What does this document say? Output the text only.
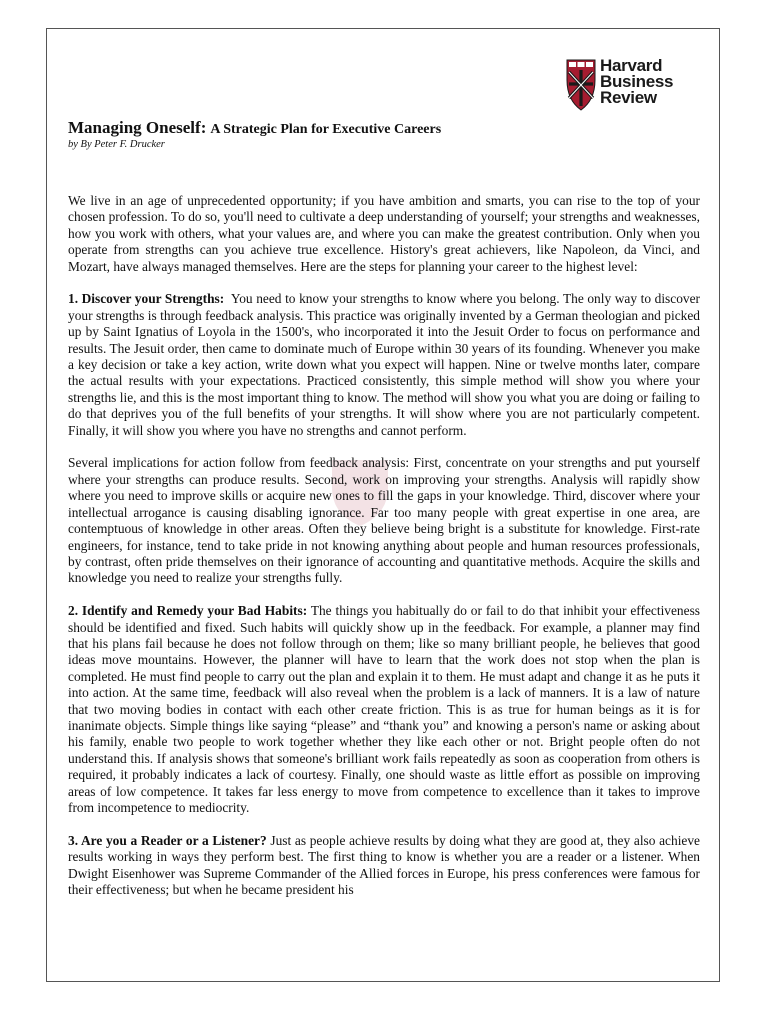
Harvard
Business
Review
Managing Oneself: A Strategic Plan for Executive Careers
by By Peter F. Drucker

We live in an age of unprecedented opportunity; if you have ambition and smarts, you can rise to the top of your chosen profession. To do so, you'll need to cultivate a deep understanding of yourself; your strengths and weaknesses, how you work with others, what your values are, and where you can make the greatest contribution. Only when you operate from strengths can you achieve true excellence. History's great achievers, like Napoleon, da Vinci, and Mozart, have always managed themselves. Here are the steps for planning your career to the highest level:

1. Discover your Strengths: You need to know your strengths to know where you belong. The only way to discover your strengths is through feedback analysis. This practice was originally invented by a German theologian and picked up by Saint Ignatius of Loyola in the 1500's, who incorporated it into the Jesuit Order to focus on performance and results. The Jesuit order, then came to dominate much of Europe within 30 years of its founding. Whenever you make a key decision or take a key action, write down what you expect will happen. Nine or twelve months later, compare the actual results with your expectations. Practiced consistently, this simple method will show you where your strengths lie, and this is the most important thing to know. The method will show you what you are doing or failing to do that deprives you of the full benefits of your strengths. It will show where you are not particularly competent. Finally, it will show you where you have no strengths and cannot perform.

Several implications for action follow from feedback analysis: First, concentrate on your strengths and put yourself where your strengths can produce results. Second, work on improving your strengths. Analysis will rapidly show where you need to improve skills or acquire new ones to fill the gaps in your knowledge. Third, discover where your intellectual arrogance is causing disabling ignorance. Far too many people with great expertise in one area, are contemptuous of knowledge in other areas. Often they believe being bright is a substitute for knowledge. First-rate engineers, for instance, tend to take pride in not knowing anything about people and human resources professionals, by contrast, often pride themselves on their ignorance of accounting and quantitative methods. Acquire the skills and knowledge you need to realize your strengths fully.

2. Identify and Remedy your Bad Habits: The things you habitually do or fail to do that inhibit your effectiveness should be identified and fixed. Such habits will quickly show up in the feedback. For example, a planner may find that his plans fail because he does not follow through on them; like so many brilliant people, he believes that good ideas move mountains. However, the planner will have to learn that the work does not stop when the plan is completed. He must find people to carry out the plan and explain it to them. He must adapt and change it as he puts it into action. At the same time, feedback will also reveal when the problem is a lack of manners. It is a law of nature that two moving bodies in contact with each other create friction. This is as true for human beings as it is for inanimate objects. Simple things like saying “please” and “thank you” and knowing a person's name or asking about his family, enable two people to work together whether they like each other or not. Bright people often do not understand this. If analysis shows that someone's brilliant work fails repeatedly as soon as cooperation from others is required, it probably indicates a lack of courtesy. Finally, one should waste as little effort as possible on improving areas of low competence. It takes far less energy to move from competence to excellence than it takes to improve from incompetence to mediocrity.

3. Are you a Reader or a Listener? Just as people achieve results by doing what they are good at, they also achieve results working in ways they perform best. The first thing to know is whether you are a reader or a listener. When Dwight Eisenhower was Supreme Commander of the Allied forces in Europe, his press conferences were famous for their effectiveness; but when he became president his
